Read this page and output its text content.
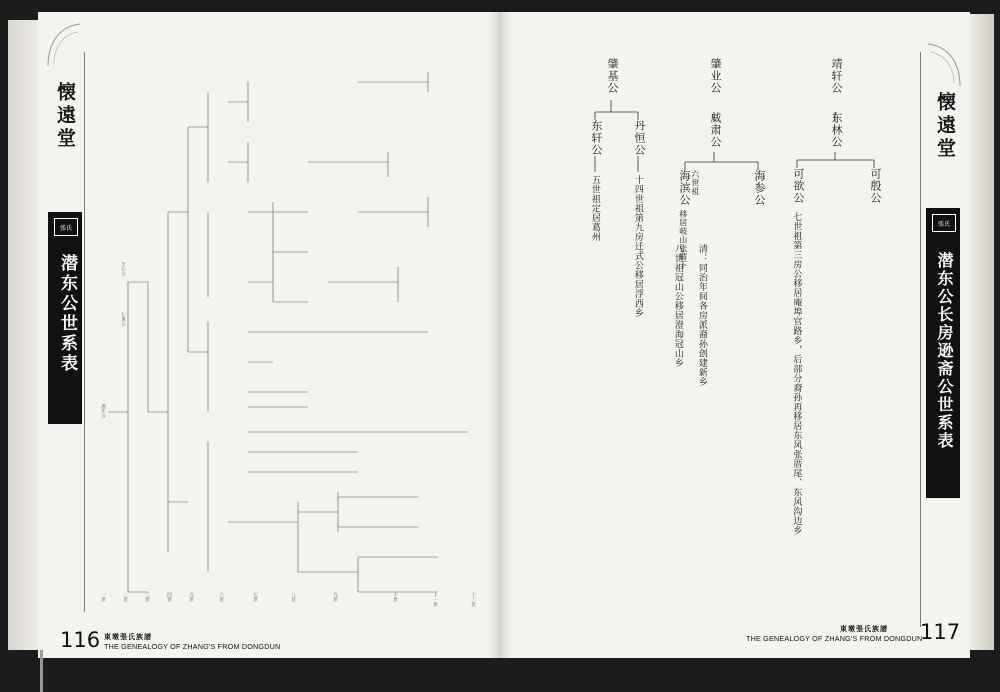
懐遠堂
張氏
潜东公世系表
潜东公
仁斋公
芝心公
一世	二世	三世	四世	五世	六世	七世	八世	九世	十世	十一世	十二世
116 東墩張氏族譜
THE GENEALOGY OF ZHANG'S FROM DONGDUN
懐遠堂
張氏
潜东公长房逊斋公世系表
肇基公
东轩公
五世祖定居葛州
丹恒公
十四世祖第九房迁式公移居浮西乡
肇业公
威肃公
海滨公 六世祖
移居岐山张厝下
清：同治年间各房派裔孙创建新乡
八世祖冠山公移居澄海冠山乡
海参公
靖轩公
东林公
可欲公
七世祖第三房公移居庵埠官路乡，后部分裔孙再移居东风张厝尾、东风沟边乡
可殷公
東墩張氏族譜
THE GENEALOGY OF ZHANG'S FROM DONGDUN
117
